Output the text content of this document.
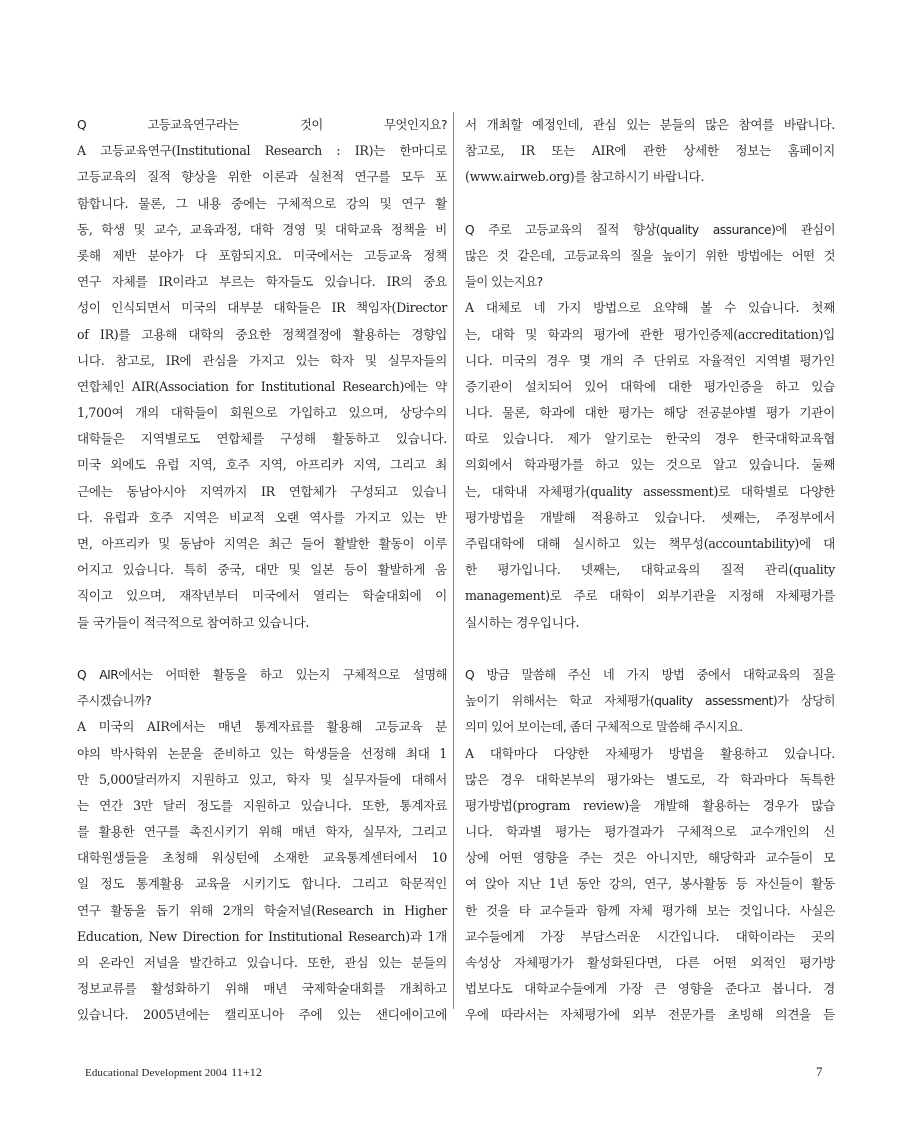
Q 고등교육연구라는 것이 무엇인지요?
A 고등교육연구(Institutional Research : IR)는 한마디로
고등교육의 질적 향상을 위한 이론과 실천적 연구를 모두 포
함합니다. 물론, 그 내용 중에는 구체적으로 강의 및 연구 활
동, 학생 및 교수, 교육과정, 대학 경영 및 대학교육 정책을 비
롯해 제반 분야가 다 포함되지요. 미국에서는 고등교육 정책
연구 자체를 IR이라고 부르는 학자들도 있습니다. IR의 중요
성이 인식되면서 미국의 대부분 대학들은 IR 책임자(Director
of IR)를 고용해 대학의 중요한 정책결정에 활용하는 경향입
니다. 참고로, IR에 관심을 가지고 있는 학자 및 실무자들의
연합체인 AIR(Association for Institutional Research)에는 약
1,700여 개의 대학들이 회원으로 가입하고 있으며, 상당수의
대학들은 지역별로도 연합체를 구성해 활동하고 있습니다.
미국 외에도 유럽 지역, 호주 지역, 아프리카 지역, 그리고 최
근에는 동남아시아 지역까지 IR 연합체가 구성되고 있습니
다. 유럽과 호주 지역은 비교적 오랜 역사를 가지고 있는 반
면, 아프리카 및 동남아 지역은 최근 들어 활발한 활동이 이루
어지고 있습니다. 특히 중국, 대만 및 일본 등이 활발하게 움
직이고 있으며, 재작년부터 미국에서 열리는 학술대회에 이
들 국가들이 적극적으로 참여하고 있습니다.
Q AIR에서는 어떠한 활동을 하고 있는지 구체적으로 설명해
주시겠습니까?
A 미국의 AIR에서는 매년 통계자료를 활용해 고등교육 분
야의 박사학위 논문을 준비하고 있는 학생들을 선정해 최대 1
만 5,000달러까지 지원하고 있고, 학자 및 실무자들에 대해서
는 연간 3만 달러 정도를 지원하고 있습니다. 또한, 통계자료
를 활용한 연구를 촉진시키기 위해 매년 학자, 실무자, 그리고
대학원생들을 초청해 워싱턴에 소재한 교육통계센터에서 10
일 정도 통계활용 교육을 시키기도 합니다. 그리고 학문적인
연구 활동을 돕기 위해 2개의 학술저널(Research in Higher
Education, New Direction for Institutional Research)과 1개
의 온라인 저널을 발간하고 있습니다. 또한, 관심 있는 분들의
정보교류를 활성화하기 위해 매년 국제학술대회를 개최하고
있습니다. 2005년에는 캘리포니아 주에 있는 샌디에이고에
서 개최할 예정인데, 관심 있는 분들의 많은 참여를 바랍니다.
참고로, IR 또는 AIR에 관한 상세한 정보는 홈페이지
(www.airweb.org)를 참고하시기 바랍니다.
Q 주로 고등교육의 질적 향상(quality assurance)에 관심이
많은 것 같은데, 고등교육의 질을 높이기 위한 방법에는 어떤 것
들이 있는지요?
A 대체로 네 가지 방법으로 요약해 볼 수 있습니다. 첫째
는, 대학 및 학과의 평가에 관한 평가인증제(accreditation)입
니다. 미국의 경우 몇 개의 주 단위로 자율적인 지역별 평가인
증기관이 설치되어 있어 대학에 대한 평가인증을 하고 있습
니다. 물론, 학과에 대한 평가는 해당 전공분야별 평가 기관이
따로 있습니다. 제가 알기로는 한국의 경우 한국대학교육협
의회에서 학과평가를 하고 있는 것으로 알고 있습니다. 둘째
는, 대학내 자체평가(quality assessment)로 대학별로 다양한
평가방법을 개발해 적용하고 있습니다. 셋째는, 주정부에서
주립대학에 대해 실시하고 있는 책무성(accountability)에 대
한 평가입니다. 넷째는, 대학교육의 질적 관리(quality
management)로 주로 대학이 외부기관을 지정해 자체평가를
실시하는 경우입니다.
Q 방금 말씀해 주신 네 가지 방법 중에서 대학교육의 질을
높이기 위해서는 학교 자체평가(quality assessment)가 상당히
의미 있어 보이는데, 좀더 구체적으로 말씀해 주시지요.
A 대학마다 다양한 자체평가 방법을 활용하고 있습니다.
많은 경우 대학본부의 평가와는 별도로, 각 학과마다 독특한
평가방법(program review)을 개발해 활용하는 경우가 많습
니다. 학과별 평가는 평가결과가 구체적으로 교수개인의 신
상에 어떤 영향을 주는 것은 아니지만, 해당학과 교수들이 모
여 앉아 지난 1년 동안 강의, 연구, 봉사활동 등 자신들이 활동
한 것을 타 교수들과 함께 자체 평가해 보는 것입니다. 사실은
교수들에게 가장 부담스러운 시간입니다. 대학이라는 곳의
속성상 자체평가가 활성화된다면, 다른 어떤 외적인 평가방
법보다도 대학교수들에게 가장 큰 영향을 준다고 봅니다. 경
우에 따라서는 자체평가에 외부 전문가를 초빙해 의견을 듣
Educational Development 2004 11+12	7
